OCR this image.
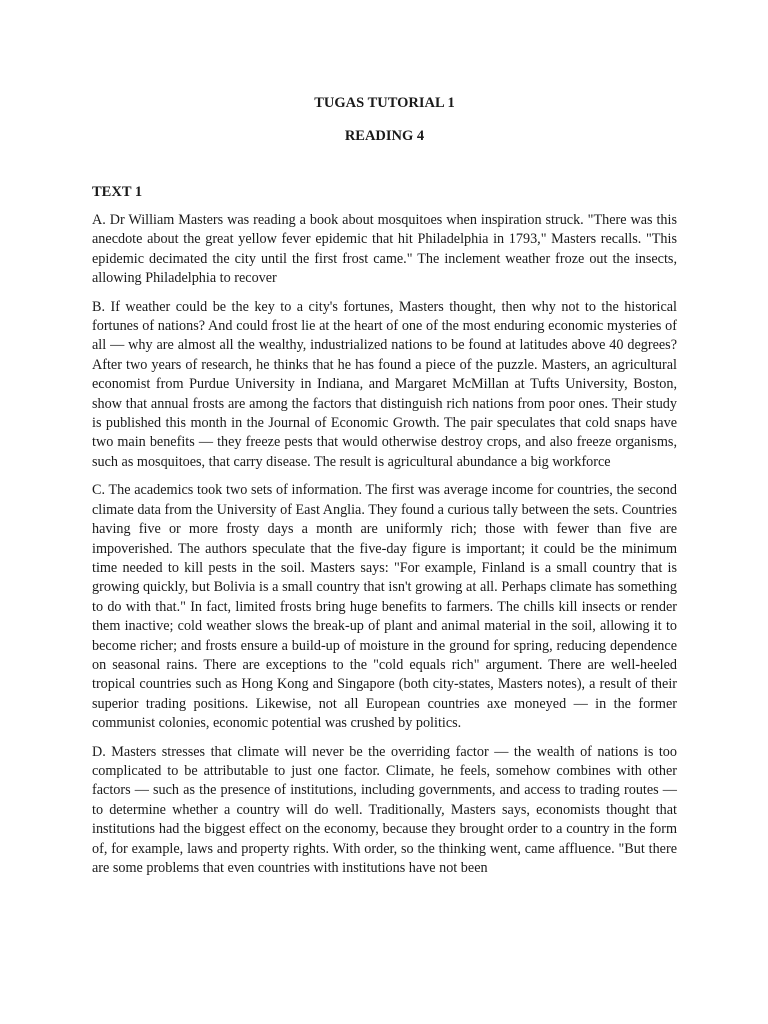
TUGAS TUTORIAL 1
READING 4
TEXT 1

A. Dr William Masters was reading a book about mosquitoes when inspiration struck. "There was this anecdote about the great yellow fever epidemic that hit Philadelphia in 1793," Masters recalls. "This epidemic decimated the city until the first frost came." The inclement weather froze out the insects, allowing Philadelphia to recover

B. If weather could be the key to a city's fortunes, Masters thought, then why not to the historical fortunes of nations? And could frost lie at the heart of one of the most enduring economic mysteries of all — why are almost all the wealthy, industrialized nations to be found at latitudes above 40 degrees? After two years of research, he thinks that he has found a piece of the puzzle. Masters, an agricultural economist from Purdue University in Indiana, and Margaret McMillan at Tufts University, Boston, show that annual frosts are among the factors that distinguish rich nations from poor ones. Their study is published this month in the Journal of Economic Growth. The pair speculates that cold snaps have two main benefits — they freeze pests that would otherwise destroy crops, and also freeze organisms, such as mosquitoes, that carry disease. The result is agricultural abundance a big workforce

C. The academics took two sets of information. The first was average income for countries, the second climate data from the University of East Anglia. They found a curious tally between the sets. Countries having five or more frosty days a month are uniformly rich; those with fewer than five are impoverished. The authors speculate that the five-day figure is important; it could be the minimum time needed to kill pests in the soil. Masters says: "For example, Finland is a small country that is growing quickly, but Bolivia is a small country that isn't growing at all. Perhaps climate has something to do with that." In fact, limited frosts bring huge benefits to farmers. The chills kill insects or render them inactive; cold weather slows the break-up of plant and animal material in the soil, allowing it to become richer; and frosts ensure a build-up of moisture in the ground for spring, reducing dependence on seasonal rains. There are exceptions to the "cold equals rich" argument. There are well-heeled tropical countries such as Hong Kong and Singapore (both city-states, Masters notes), a result of their superior trading positions. Likewise, not all European countries axe moneyed — in the former communist colonies, economic potential was crushed by politics.

D. Masters stresses that climate will never be the overriding factor — the wealth of nations is too complicated to be attributable to just one factor. Climate, he feels, somehow combines with other factors — such as the presence of institutions, including governments, and access to trading routes — to determine whether a country will do well. Traditionally, Masters says, economists thought that institutions had the biggest effect on the economy, because they brought order to a country in the form of, for example, laws and property rights. With order, so the thinking went, came affluence. "But there are some problems that even countries with institutions have not been
